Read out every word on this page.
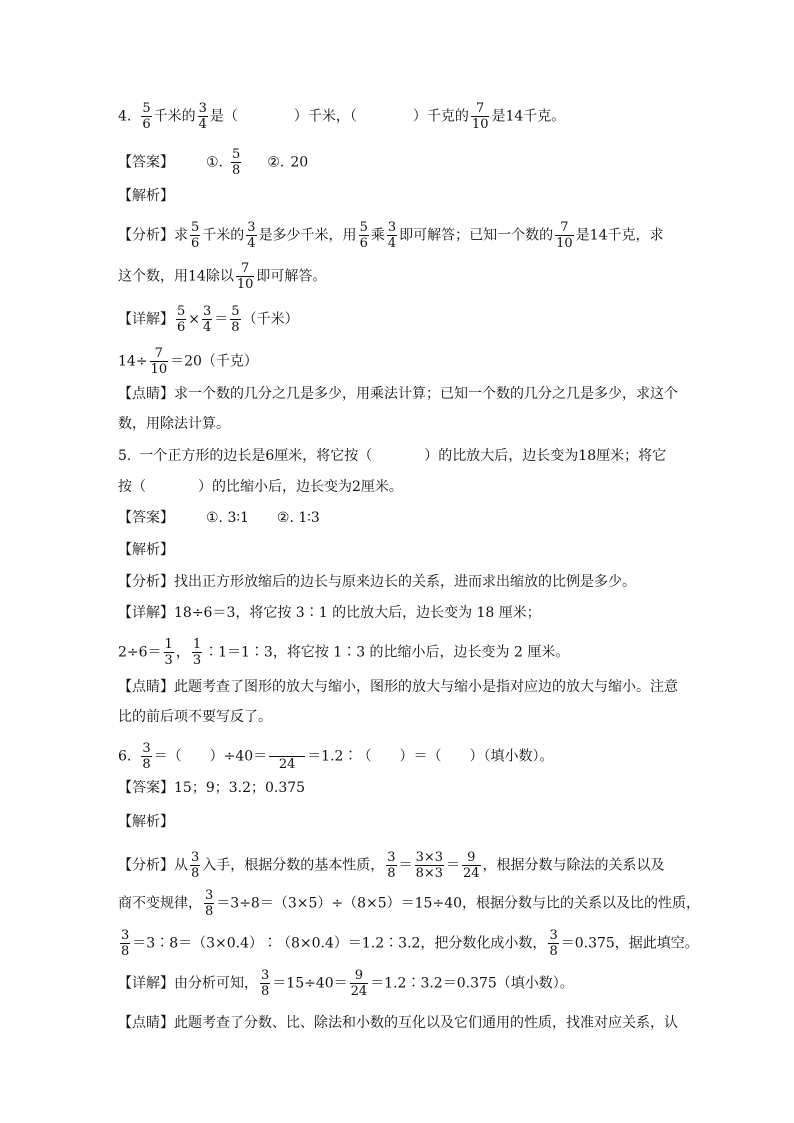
4. $\frac{5}{6}$ 千米的 $\frac{3}{4}$ 是（	）千米，（	）千克的 $\frac{7}{10}$ 是14千克。
【答案】 ①. $\frac{5}{8}$ ②. 20
【解析】
【分析】求 $\frac{5}{6}$ 千米的 $\frac{3}{4}$ 是多少千米，用 $\frac{5}{6}$ 乘 $\frac{3}{4}$ 即可解答；已知一个数的 $\frac{7}{10}$ 是14千克，求
这个数，用14除以 $\frac{7}{10}$ 即可解答。
【详解】 $\frac{5}{6} \times \frac{3}{4} = \frac{5}{8}$ （千米）
$14\div \frac{7}{10} =20$（千克）
【点睛】求一个数的几分之几是多少，用乘法计算；已知一个数的几分之几是多少，求这个
数，用除法计算。
5. 一个正方形的边长是6厘米，将它按（	）的比放大后，边长变为18厘米；将它
按（	）的比缩小后，边长变为2厘米。
【答案】 ①. 3∶1　　②. 1∶3
【解析】
【分析】找出正方形放缩后的边长与原来边长的关系，进而求出缩放的比例是多少。
【详解】18÷6＝3，将它按 3∶1 的比放大后，边长变为 18 厘米；
$2\div 6= \frac{1}{3}$ ， $\frac{1}{3}$ ∶1＝1∶3，将它按 1∶3 的比缩小后，边长变为 2 厘米。
【点睛】此题考查了图形的放大与缩小，图形的放大与缩小是指对应边的放大与缩小。注意
比的前后项不要写反了。
6. $\frac{3}{8}$ ＝（　　）÷40＝ 24 ＝1.2∶（　　）＝（　　）（填小数）。
【答案】15；9；3.2；0.375
【解析】
【分析】从 $\frac{3}{8}$ 入手，根据分数的基本性质， $\frac{3}{8} = \frac{3\times 3}{8\times 3} = \frac{9}{24}$ ，根据分数与除法的关系以及
商不变规律， $\frac{3}{8} =3\div 8=(3\times 5)\div(8\times 5)=15\div 40$，根据分数与比的关系以及比的性质，
$\frac{3}{8}$ ＝3∶8＝（3×0.4）∶（8×0.4）＝1.2∶3.2，把分数化成小数， $\frac{3}{8} =0.375$，据此填空。
【详解】由分析可知， $\frac{3}{8} =15\div 40= \frac{9}{24}$ ＝1.2∶3.2＝0.375（填小数）。
【点睛】此题考查了分数、比、除法和小数的互化以及它们通用的性质，找准对应关系，认
